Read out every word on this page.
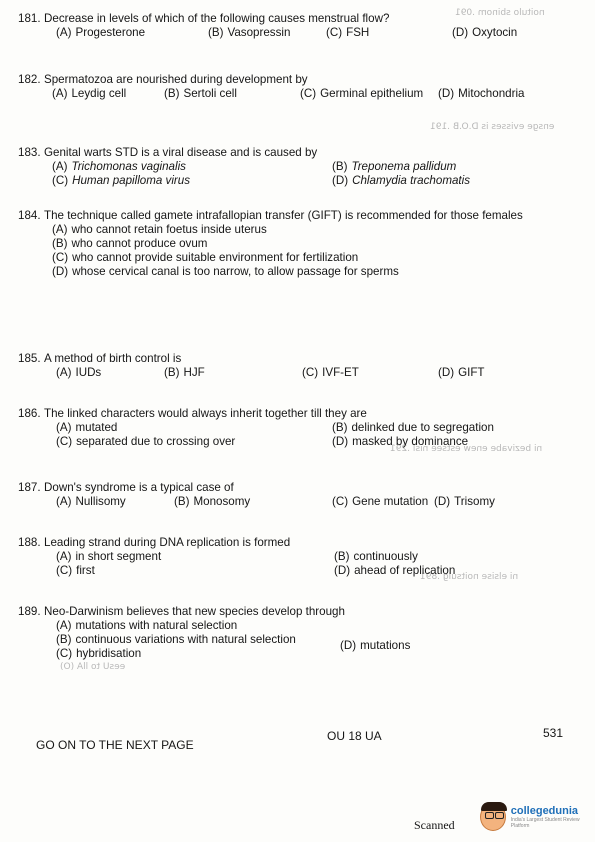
noitulo sbinom .091
ensge evisses is D.O.B .191
ni bezivabe enew estsee nisl .291
ni elsise noitsulg .891
eesU to llA (O)
181. Decrease in levels of which of the following causes menstrual flow?
(A) Progesterone	(B) Vasopressin	(C) FSH	(D) Oxytocin
182. Spermatozoa are nourished during development by
(A) Leydig cell	(B) Sertoli cell	(C) Germinal epithelium (D) Mitochondria
183. Genital warts STD is a viral disease and is caused by
(A) Trichomonas vaginalis	(B) Treponema pallidum
(C) Human papilloma virus	(D) Chlamydia trachomatis
184. The technique called gamete intrafallopian transfer (GIFT) is recommended for those females
(A) who cannot retain foetus inside uterus
(B) who cannot produce ovum
(C) who cannot provide suitable environment for fertilization
(D) whose cervical canal is too narrow, to allow passage for sperms
185. A method of birth control is
(A) IUDs	(B) HJF	(C) IVF-ET	(D) GIFT
186. The linked characters would always inherit together till they are
(A) mutated	(B) delinked due to segregation
(C) separated due to crossing over	(D) masked by dominance
187. Down's syndrome is a typical case of
(A) Nullisomy	(B) Monosomy	(C) Gene mutation (D) Trisomy
188. Leading strand during DNA replication is formed
(A) in short segment	(B) continuously
(C) first	(D) ahead of replication
189. Neo-Darwinism believes that new species develop through
(A) mutations with natural selection
(B) continuous variations with natural selection
(C) hybridisation
(D) mutations
GO ON TO THE NEXT PAGE
OU 18 UA	531
Scanned
collegedunia
India's Largest Student Review Platform
